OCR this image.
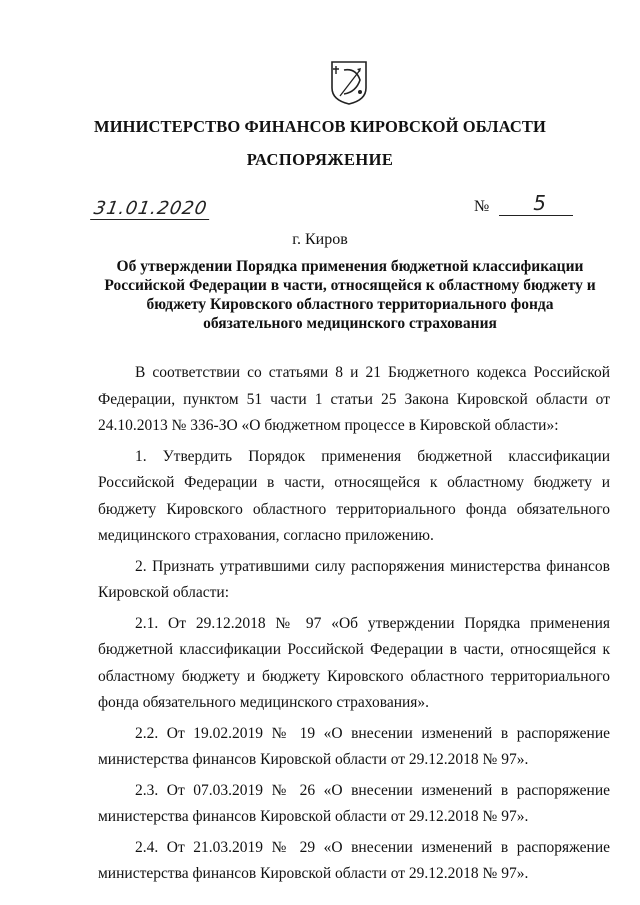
МИНИСТЕРСТВО ФИНАНСОВ КИРОВСКОЙ ОБЛАСТИ
РАСПОРЯЖЕНИЕ
31.01.2020	№ 5
г. Киров
Об утверждении Порядка применения бюджетной классификации Российской Федерации в части, относящейся к областному бюджету и бюджету Кировского областного территориального фонда обязательного медицинского страхования

В соответствии со статьями 8 и 21 Бюджетного кодекса Российской Федерации, пунктом 51 части 1 статьи 25 Закона Кировской области от 24.10.2013 № 336-ЗО «О бюджетном процессе в Кировской области»:

1. Утвердить Порядок применения бюджетной классификации Российской Федерации в части, относящейся к областному бюджету и бюджету Кировского областного территориального фонда обязательного медицинского страхования, согласно приложению.

2. Признать утратившими силу распоряжения министерства финансов Кировской области:

2.1. От 29.12.2018 № 97 «Об утверждении Порядка применения бюджетной классификации Российской Федерации в части, относящейся к областному бюджету и бюджету Кировского областного территориального фонда обязательного медицинского страхования».

2.2. От 19.02.2019 № 19 «О внесении изменений в распоряжение министерства финансов Кировской области от 29.12.2018 № 97».

2.3. От 07.03.2019 № 26 «О внесении изменений в распоряжение министерства финансов Кировской области от 29.12.2018 № 97».

2.4. От 21.03.2019 № 29 «О внесении изменений в распоряжение министерства финансов Кировской области от 29.12.2018 № 97».
